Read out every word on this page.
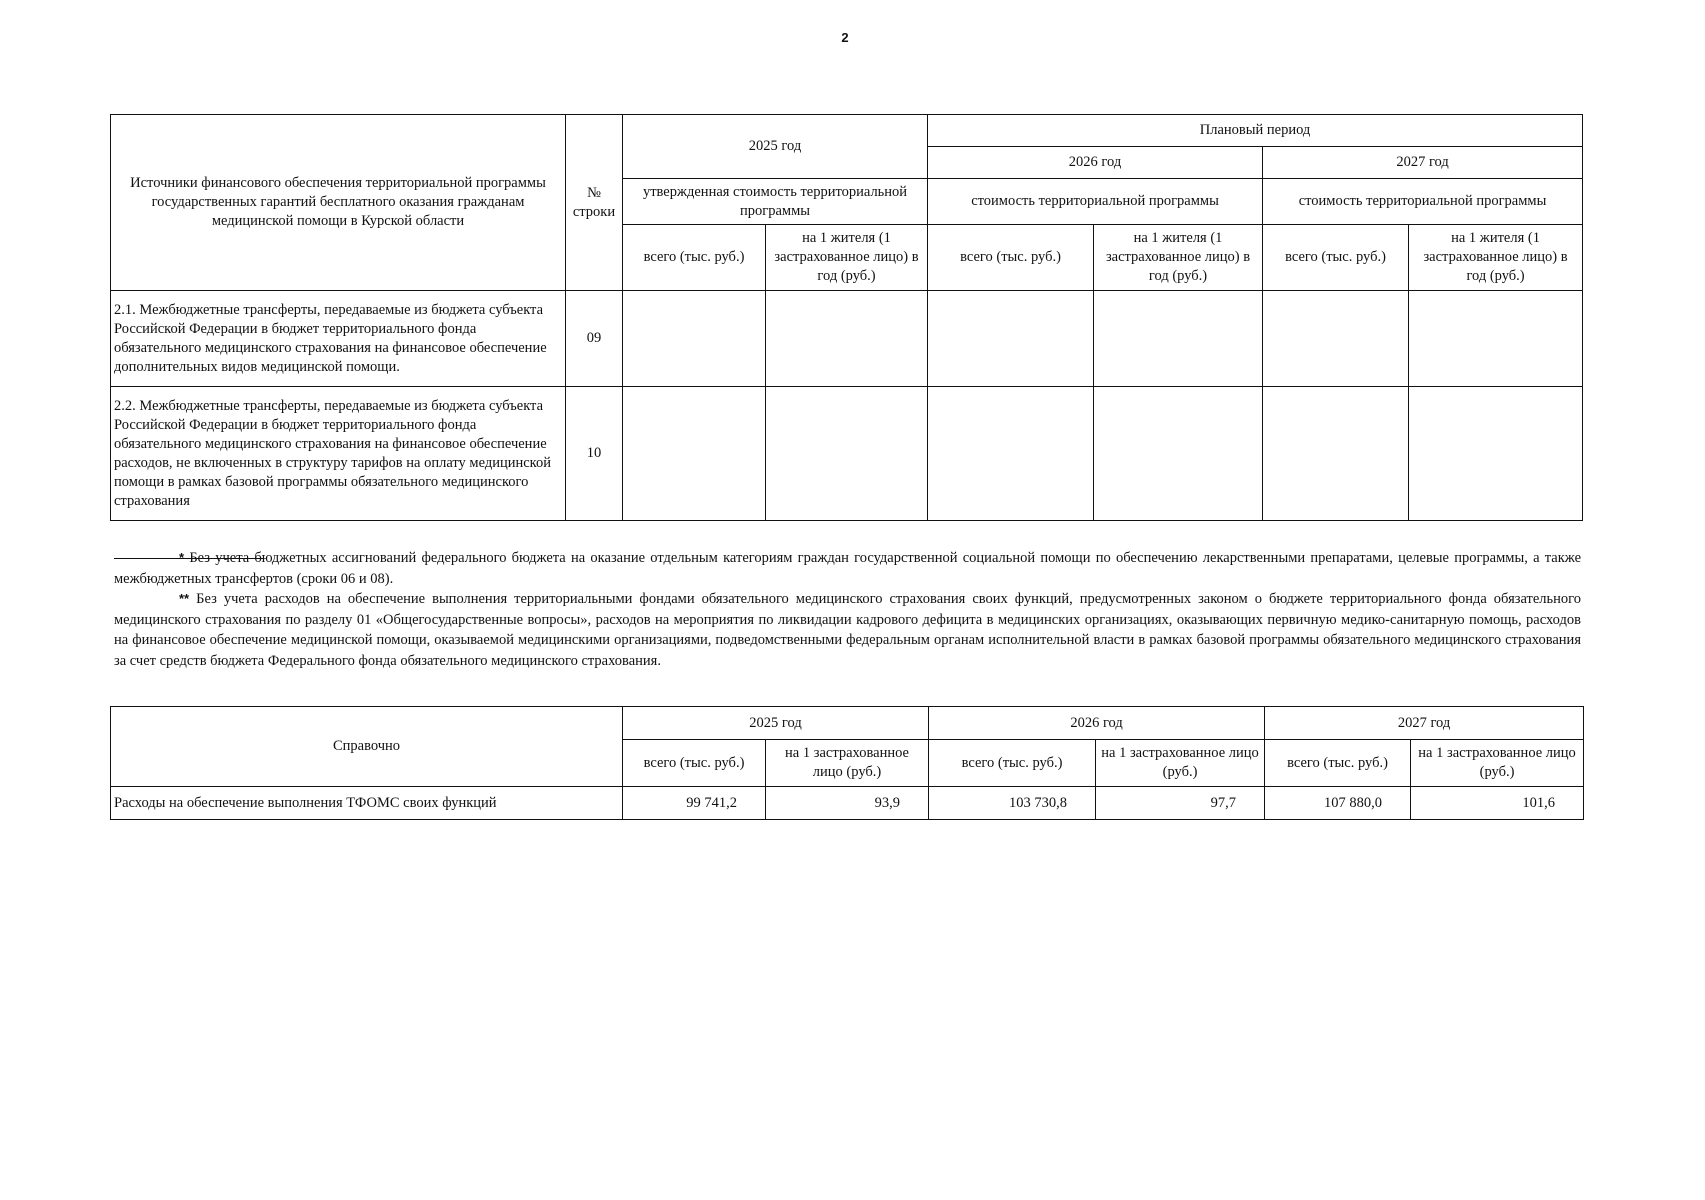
2
Источники финансового обеспечения территориальной программы государственных гарантий бесплатного оказания гражданам медицинской помощи в Курской области	№ строки	2025 год		Плановый период			
				2026 год		2027 год	
		утвержденная стоимость территориальной программы		стоимость территориальной программы		стоимость территориальной программы	
		всего (тыс. руб.)	на 1 жителя (1 застрахованное лицо) в год (руб.)	всего (тыс. руб.)	на 1 жителя (1 застрахованное лицо) в год (руб.)	всего (тыс. руб.)	на 1 жителя (1 застрахованное лицо) в год (руб.)
2.1. Межбюджетные трансферты, передаваемые из бюджета субъекта Российской Федерации в бюджет территориального фонда обязательного медицинского страхования на финансовое обеспечение дополнительных видов медицинской помощи.	09						
2.2. Межбюджетные трансферты, передаваемые из бюджета субъекта Российской Федерации в бюджет территориального фонда обязательного медицинского страхования на финансовое обеспечение расходов, не включенных в структуру тарифов на оплату медицинской помощи в рамках базовой программы обязательного медицинского страхования	10						

* Без учета бюджетных ассигнований федерального бюджета на оказание отдельным категориям граждан государственной социальной помощи по обеспечению лекарственными препаратами, целевые программы, а также межбюджетных трансфертов (сроки 06 и 08).

** Без учета расходов на обеспечение выполнения территориальными фондами обязательного медицинского страхования своих функций, предусмотренных законом о бюджете территориального фонда обязательного медицинского страхования по разделу 01 «Общегосударственные вопросы», расходов на мероприятия по ликвидации кадрового дефицита в медицинских организациях, оказывающих первичную медико-санитарную помощь, расходов на финансовое обеспечение медицинской помощи, оказываемой медицинскими организациями, подведомственными федеральным органам исполнительной власти в рамках базовой программы обязательного медицинского страхования за счет средств бюджета Федерального фонда обязательного медицинского страхования.

Справочно	2025 год		2026 год		2027 год	
	всего (тыс. руб.)	на 1 застрахованное лицо (руб.)	всего (тыс. руб.)	на 1 застрахованное лицо (руб.)	всего (тыс. руб.)	на 1 застрахованное лицо (руб.)
Расходы на обеспечение выполнения ТФОМС своих функций	99 741,2	93,9	103 730,8	97,7	107 880,0	101,6
